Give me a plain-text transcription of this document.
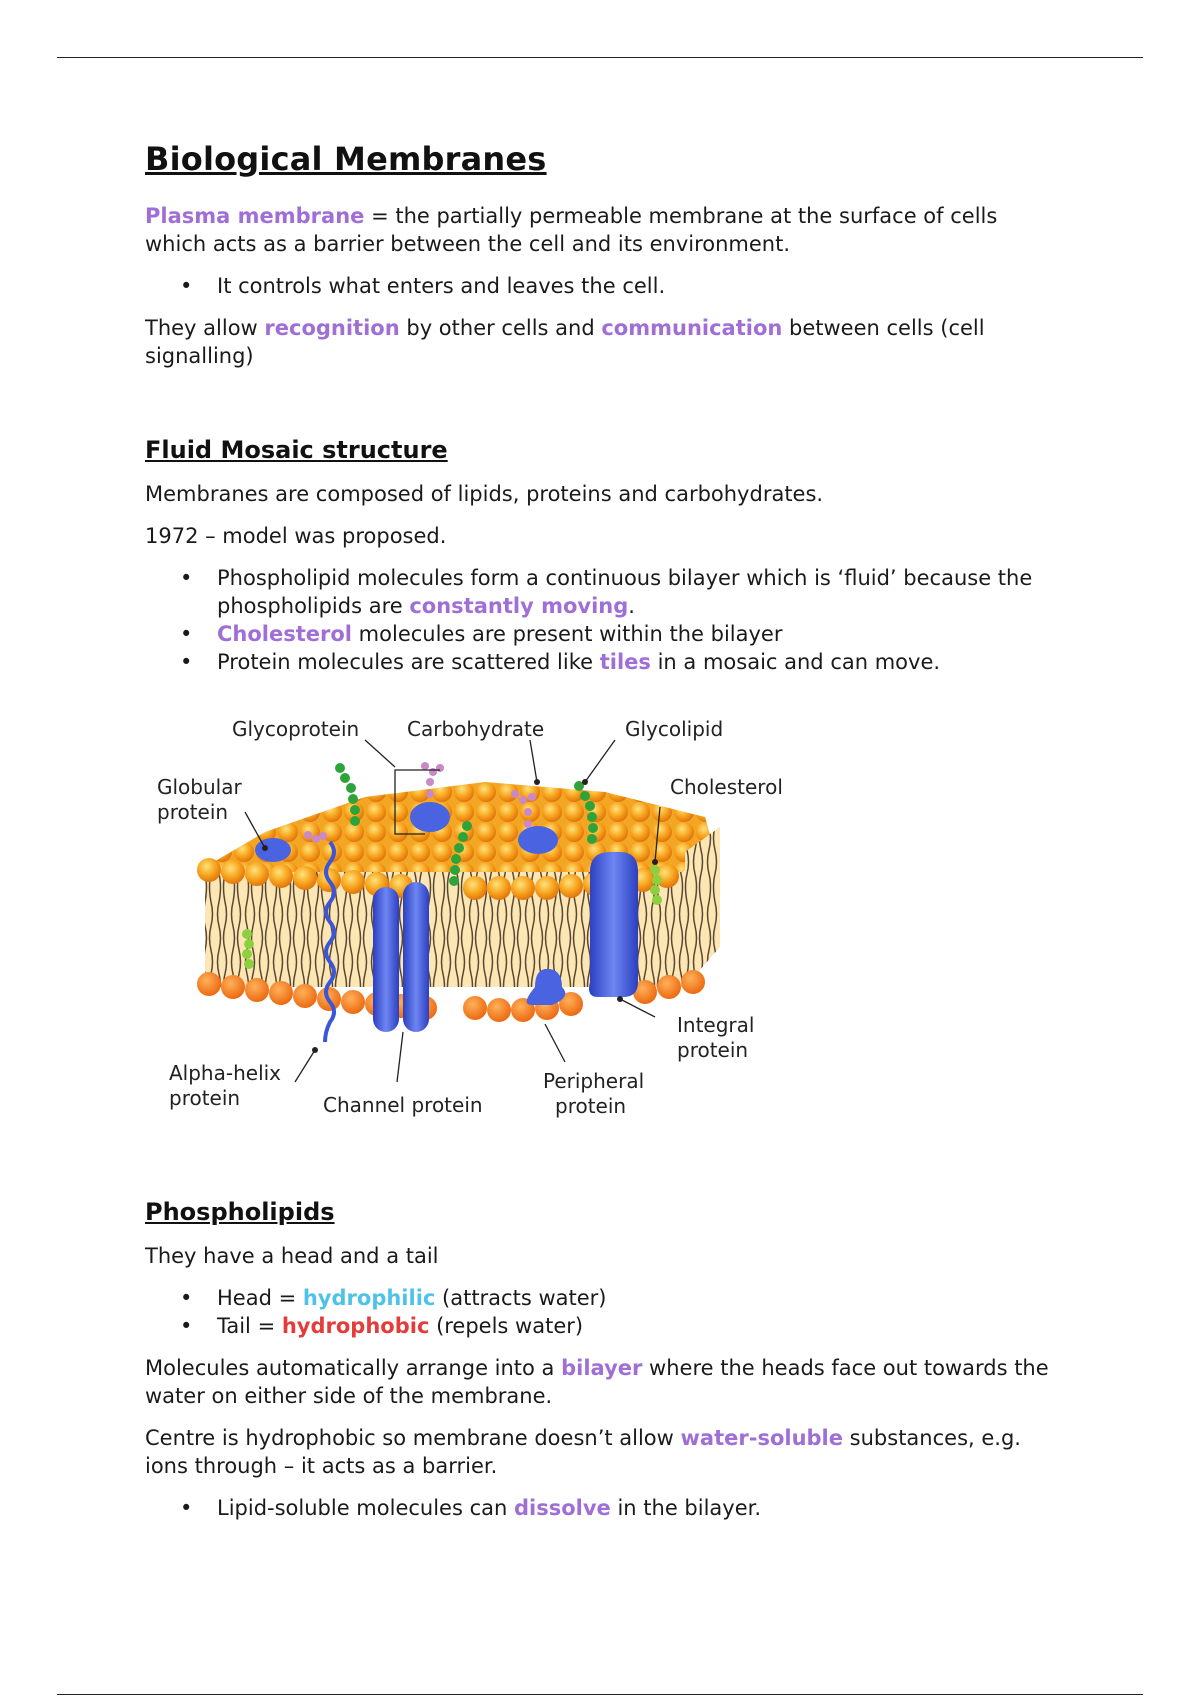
Biological Membranes

Plasma membrane = the partially permeable membrane at the surface of cells which acts as a barrier between the cell and its environment.

• It controls what enters and leaves the cell.

They allow recognition by other cells and communication between cells (cell signalling)

Fluid Mosaic structure

Membranes are composed of lipids, proteins and carbohydrates.

1972 – model was proposed.

• Phospholipid molecules form a continuous bilayer which is ‘fluid’ because the phospholipids are constantly moving.
• Cholesterol molecules are present within the bilayer
• Protein molecules are scattered like tiles in a mosaic and can move.
Glycoprotein Carbohydrate	Glycolipid
Globular
protein
Cholesterol
Integral
protein
Alpha-helix
protein	Channel protein
Peripheral
protein
Phospholipids

They have a head and a tail

• Head = hydrophilic (attracts water)
• Tail = hydrophobic (repels water)

Molecules automatically arrange into a bilayer where the heads face out towards the water on either side of the membrane.

Centre is hydrophobic so membrane doesn’t allow water-soluble substances, e.g. ions through – it acts as a barrier.

• Lipid-soluble molecules can dissolve in the bilayer.
